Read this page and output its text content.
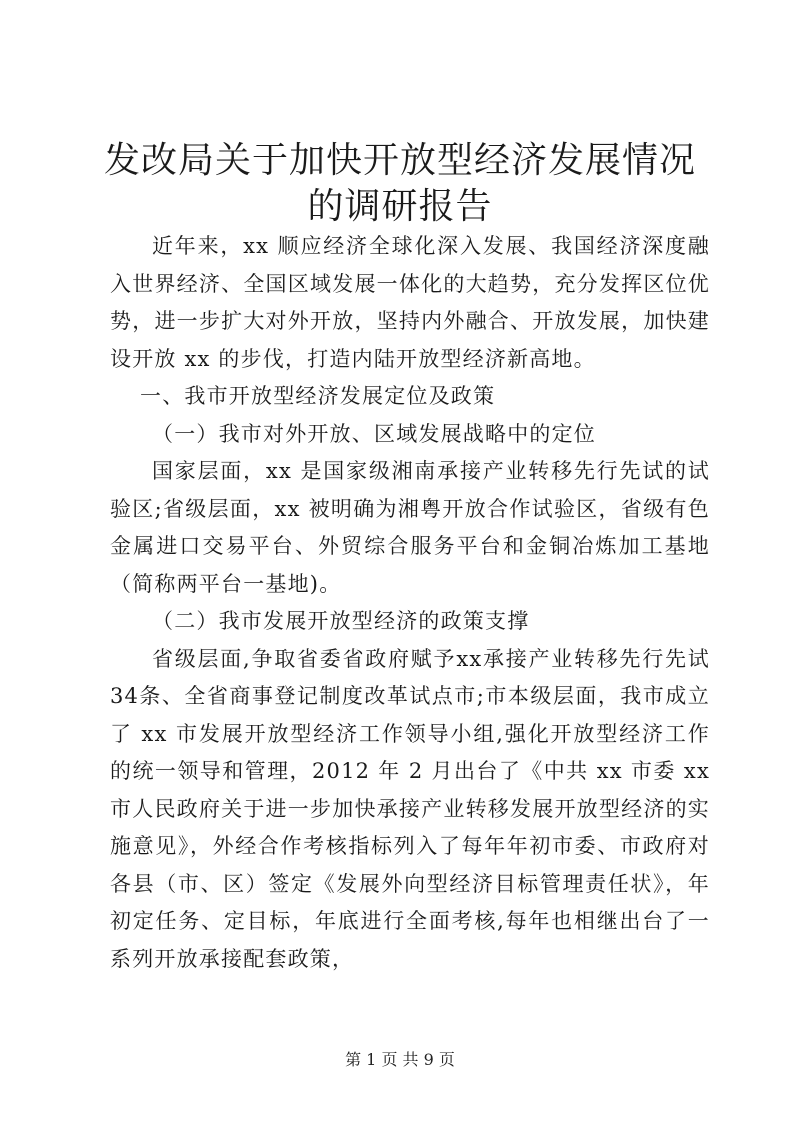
发改局关于加快开放型经济发展情况的调研报告

近年来，xx 顺应经济全球化深入发展、我国经济深度融入世界经济、全国区域发展一体化的大趋势，充分发挥区位优势，进一步扩大对外开放，坚持内外融合、开放发展，加快建设开放 xx 的步伐，打造内陆开放型经济新高地。

一、我市开放型经济发展定位及政策

（一）我市对外开放、区域发展战略中的定位

国家层面，xx 是国家级湘南承接产业转移先行先试的试验区;省级层面，xx 被明确为湘粤开放合作试验区，省级有色金属进口交易平台、外贸综合服务平台和金铜冶炼加工基地（简称两平台一基地)。

（二）我市发展开放型经济的政策支撑

省级层面,争取省委省政府赋予xx承接产业转移先行先试34条、全省商事登记制度改革试点市;市本级层面，我市成立了 xx 市发展开放型经济工作领导小组,强化开放型经济工作的统一领导和管理，2012 年 2 月出台了《中共 xx 市委 xx 市人民政府关于进一步加快承接产业转移发展开放型经济的实施意见》，外经合作考核指标列入了每年年初市委、市政府对各县（市、区）签定《发展外向型经济目标管理责任状》，年初定任务、定目标，年底进行全面考核,每年也相继出台了一系列开放承接配套政策，

第 1 页 共 9 页
